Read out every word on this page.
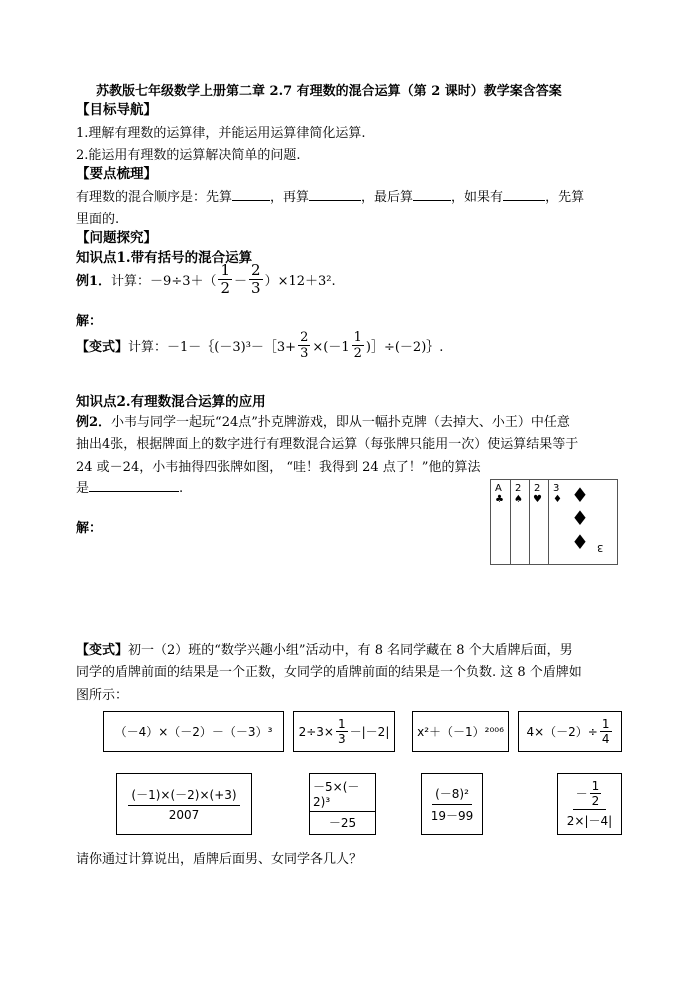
苏教版七年级数学上册第二章 2.7 有理数的混合运算（第 2 课时）教学案含答案
【目标导航】
1.理解有理数的运算律，并能运用运算律简化运算.
2.能运用有理数的运算解决简单的问题.
【要点梳理】
有理数的混合顺序是：先算	，再算	，最后算	，如果有	，先算
里面的.
【问题探究】
知识点1.带有括号的混合运算
例1． 计算：$-9\div 3+( \frac{1}{2} - \frac{2}{3} )\times 12+3^2$.
解：
【变式】 计算：－1－｛(－3)³－［3+ $\frac{2}{3} \times(-1 \frac{1}{2}$ )］÷(－2)｝.
知识点2.有理数混合运算的应用
例2．小韦与同学一起玩“24点”扑克牌游戏，即从一幅扑克牌（去掉大、小王）中任意
抽出4张，根据牌面上的数字进行有理数混合运算（每张牌只能用一次）使运算结果等于
24 或－24，小韦抽得四张牌如图， “哇！我得到 24 点了！”他的算法
是	.
解：
A
♣
2
♠
2
♥
3
♦ ♦
♦
♦ 3
【变式】初一（2）班的“数学兴趣小组”活动中，有 8 名同学藏在 8 个大盾牌后面，男
同学的盾牌前面的结果是一个正数，女同学的盾牌前面的结果是一个负数. 这 8 个盾牌如
图所示：
（－4）×（－2）－（－3）³ $2\div 3\times \frac{1}{3} -|-2|$ x²＋（－1）²⁰⁰⁶ $4\times(-2)\div \frac{1}{4}$
$\frac{(-1)\times(-2)\times(+3)}{2007}$	$\frac{\text{－5×(－2)³}}{-25}$	$\frac{\text{(－8)²}}{19-99}$	$\frac{- \frac{1}{2}}{2\times|-4|}$
请你通过计算说出，盾牌后面男、女同学各几人？
